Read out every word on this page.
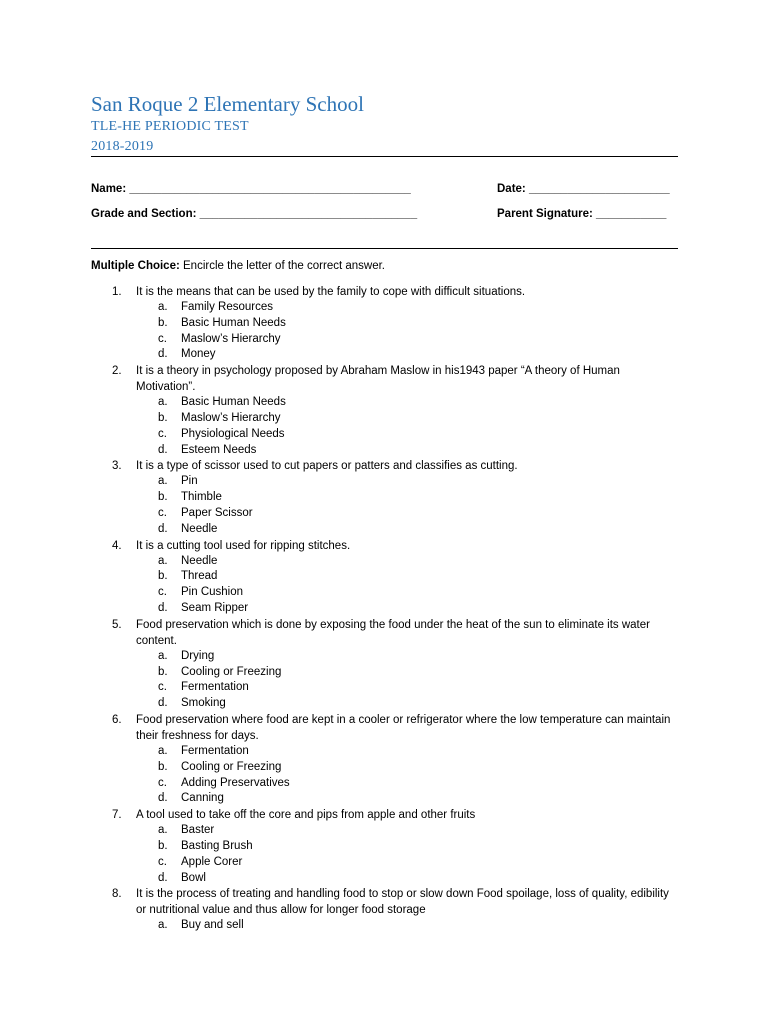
San Roque 2 Elementary School
TLE-HE PERIODIC TEST
2018-2019
Name: ____________________________________________	Date: ______________________
Grade and Section: __________________________________	Parent Signature: ___________
Multiple Choice: Encircle the letter of the correct answer.
1.	It is the means that can be used by the family to cope with difficult situations.
a. Family Resources
b. Basic Human Needs
c. Maslow’s Hierarchy
d. Money
2.	It is a theory in psychology proposed by Abraham Maslow in his1943 paper “A theory of Human Motivation”.
a. Basic Human Needs
b. Maslow’s Hierarchy
c. Physiological Needs
d. Esteem Needs
3.	It is a type of scissor used to cut papers or patters and classifies as cutting.
a. Pin
b. Thimble
c. Paper Scissor
d. Needle
4.	It is a cutting tool used for ripping stitches.
a. Needle
b. Thread
c. Pin Cushion
d. Seam Ripper
5.	Food preservation which is done by exposing the food under the heat of the sun to eliminate its water content.
a. Drying
b. Cooling or Freezing
c. Fermentation
d. Smoking
6.	Food preservation where food are kept in a cooler or refrigerator where the low temperature can maintain their freshness for days.
a. Fermentation
b. Cooling or Freezing
c. Adding Preservatives
d. Canning
7.	A tool used to take off the core and pips from apple and other fruits
a. Baster
b. Basting Brush
c. Apple Corer
d. Bowl
8.	It is the process of treating and handling food to stop or slow down Food spoilage, loss of quality, edibility or nutritional value and thus allow for longer food storage
a. Buy and sell
